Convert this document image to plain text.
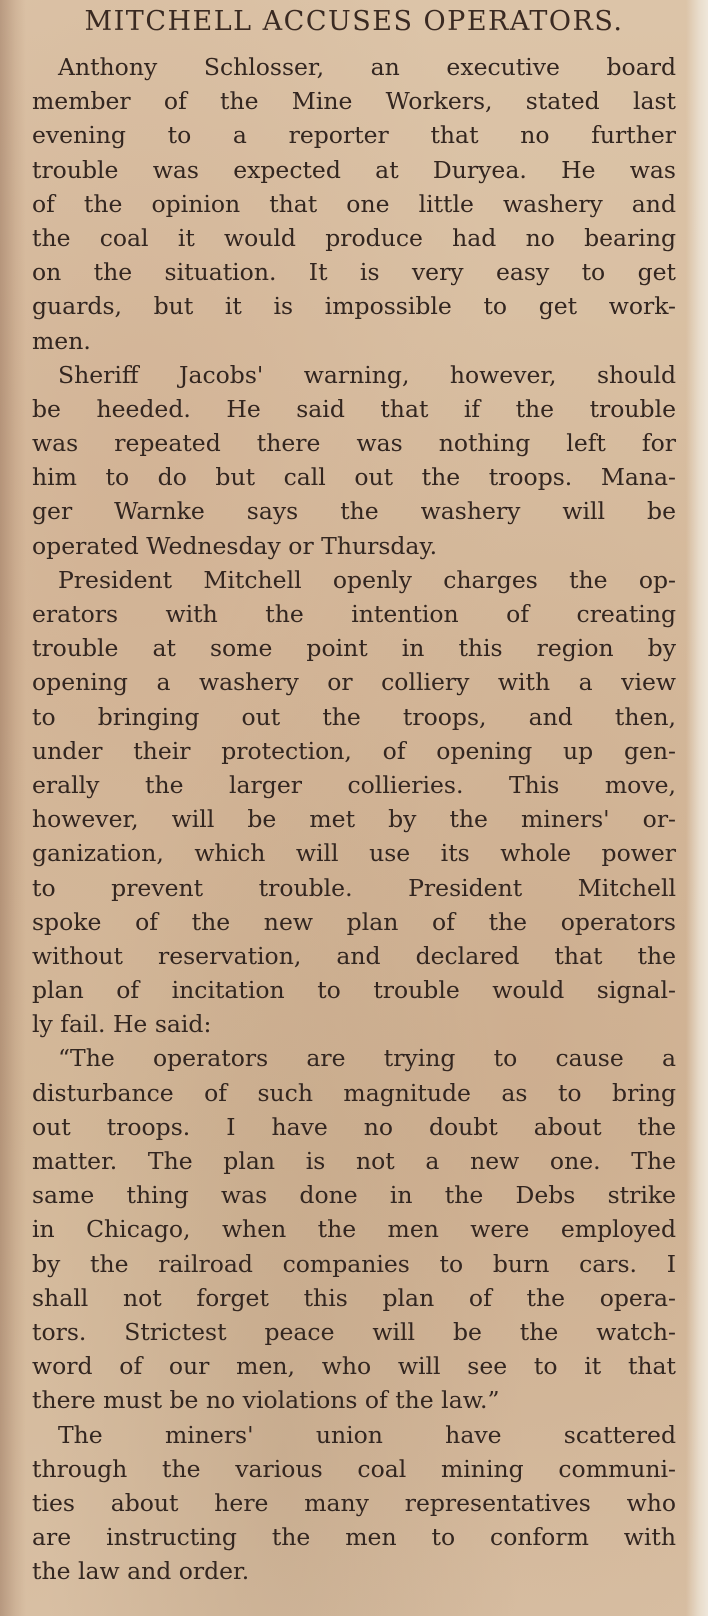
MITCHELL ACCUSES OPERATORS.
Anthony Schlosser, an executive board
member of the Mine Workers, stated last
evening to a reporter that no further
trouble was expected at Duryea. He was
of the opinion that one little washery and
the coal it would produce had no bearing
on the situation. It is very easy to get
guards, but it is impossible to get work-
men.
Sheriff Jacobs' warning, however, should
be heeded. He said that if the trouble
was repeated there was nothing left for
him to do but call out the troops. Mana-
ger Warnke says the washery will be
operated Wednesday or Thursday.
President Mitchell openly charges the op-
erators with the intention of creating
trouble at some point in this region by
opening a washery or colliery with a view
to bringing out the troops, and then,
under their protection, of opening up gen-
erally the larger collieries. This move,
however, will be met by the miners' or-
ganization, which will use its whole power
to prevent trouble. President Mitchell
spoke of the new plan of the operators
without reservation, and declared that the
plan of incitation to trouble would signal-
ly fail. He said:
“The operators are trying to cause a
disturbance of such magnitude as to bring
out troops. I have no doubt about the
matter. The plan is not a new one. The
same thing was done in the Debs strike
in Chicago, when the men were employed
by the railroad companies to burn cars. I
shall not forget this plan of the opera-
tors. Strictest peace will be the watch-
word of our men, who will see to it that
there must be no violations of the law.”
The miners' union have scattered
through the various coal mining communi-
ties about here many representatives who
are instructing the men to conform with
the law and order.
